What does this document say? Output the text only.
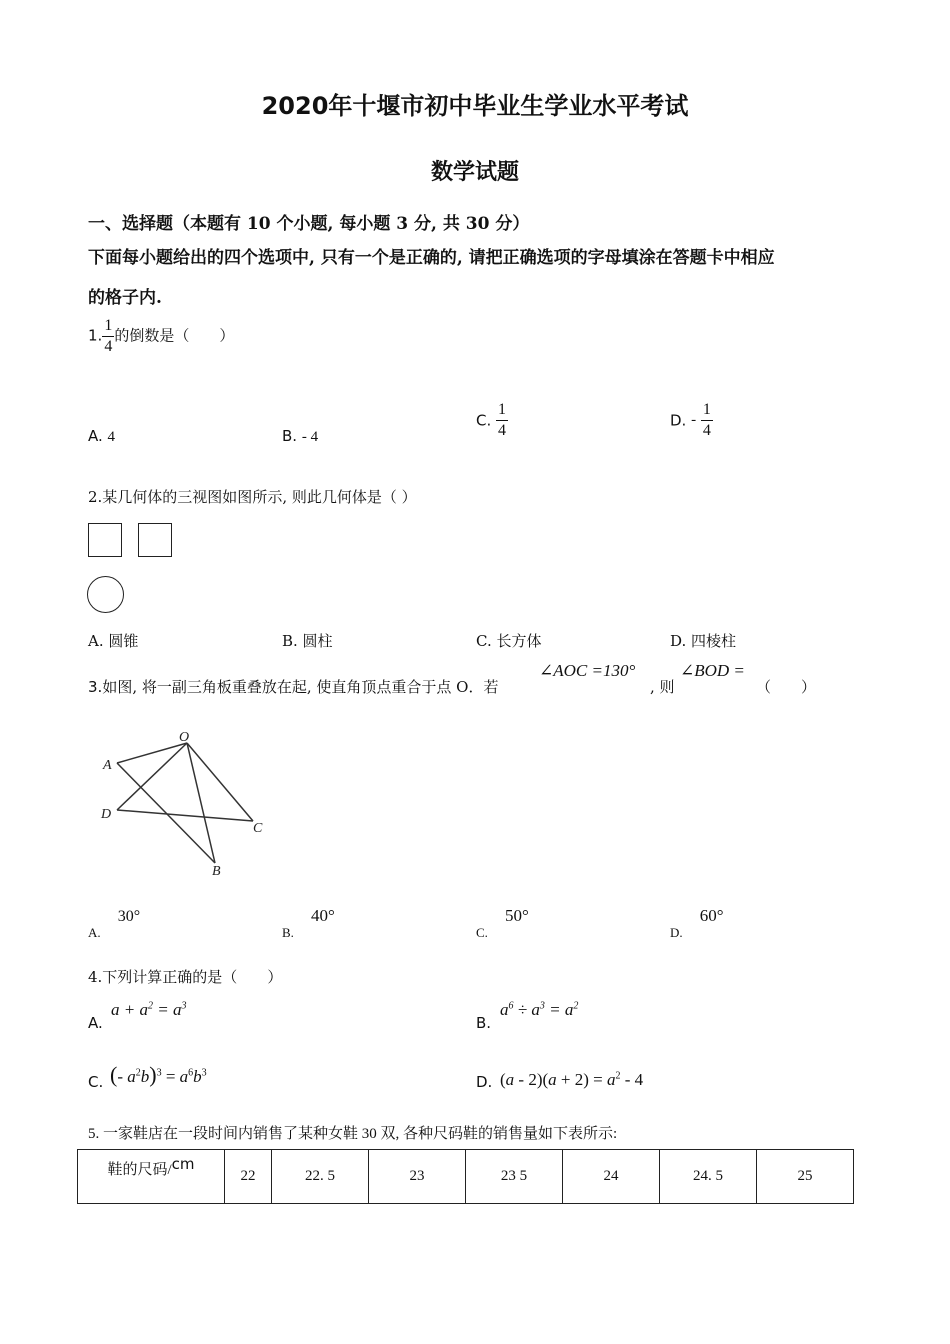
2020年十堰市初中毕业生学业水平考试
数学试题
一、选择题（本题有 10 个小题, 每小题 3 分, 共 30 分）
下面每小题给出的四个选项中, 只有一个是正确的, 请把正确选项的字母填涂在答题卡中相应
的格子内.
1. $\frac{1}{4}$ 的倒数是（　　）
A. 4	B. - 4
C. $\frac{1}{4}$	D. - $\frac{1}{4}$
2.某几何体的三视图如图所示, 则此几何体是（ ）
A. 圆锥	B. 圆柱	C. 长方体	D. 四棱柱
3.如图, 将一副三角板重叠放在起, 使直角顶点重合于点 O．若
∠AOC =130°
, 则
∠BOD =
（　　）
O
A
D
C
B
$_{A.}$ 30°
$_{B.}$ 40°
$_{C.}$ 50°
$_{D.}$ 60°
4.下列计算正确的是（　　）
A.
$a + a^2 = a^3$
B.
$a^6 \div a^3 = a^2$
C. (- $a^2b)^3 = a^6b^3$
D. $(a - 2)(a + 2) = a^2 - 4$
5. 一家鞋店在一段时间内销售了某种女鞋 30 双, 各种尺码鞋的销售量如下表所示:
鞋的尺码/cm	22	22. 5	23	23 5	24	24. 5	25
